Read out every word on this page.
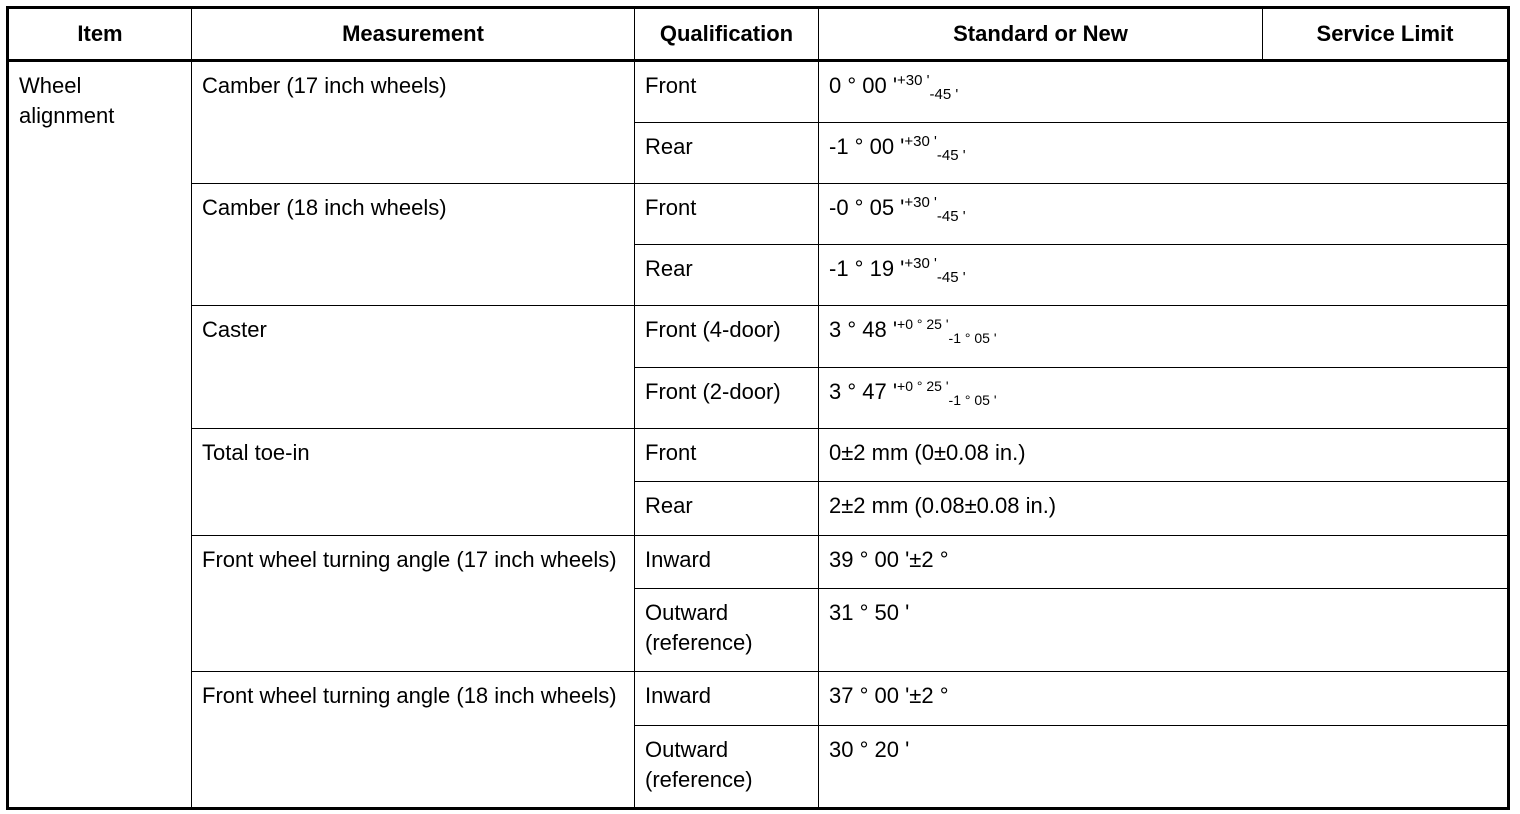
Item	Measurement	Qualification	Standard or New	Service Limit
Wheel alignment	Camber (17 inch wheels)	Front	0 ° 00 '$^{+30 '}_{-45 '}$
		Rear	-1 ° 00 '$^{+30 '}_{-45 '}$
	Camber (18 inch wheels)	Front	-0 ° 05 '$^{+30 '}_{-45 '}$
		Rear	-1 ° 19 '$^{+30 '}_{-45 '}$
	Caster	Front (4-door)	3 ° 48 '$^{+0 ^\circ 25 '}_{-1 ^\circ 05 '}$
		Front (2-door)	3 ° 47 '$^{+0 ^\circ 25 '}_{-1 ^\circ 05 '}$
	Total toe-in	Front	0±2 mm (0±0.08 in.)	
		Rear	2±2 mm (0.08±0.08 in.)	
	Front wheel turning angle (17 inch wheels)	Inward	39 ° 00 '±2 °	
		Outward (reference)	31 ° 50 '	
	Front wheel turning angle (18 inch wheels)	Inward	37 ° 00 '±2 °	
		Outward (reference)	30 ° 20 '	
